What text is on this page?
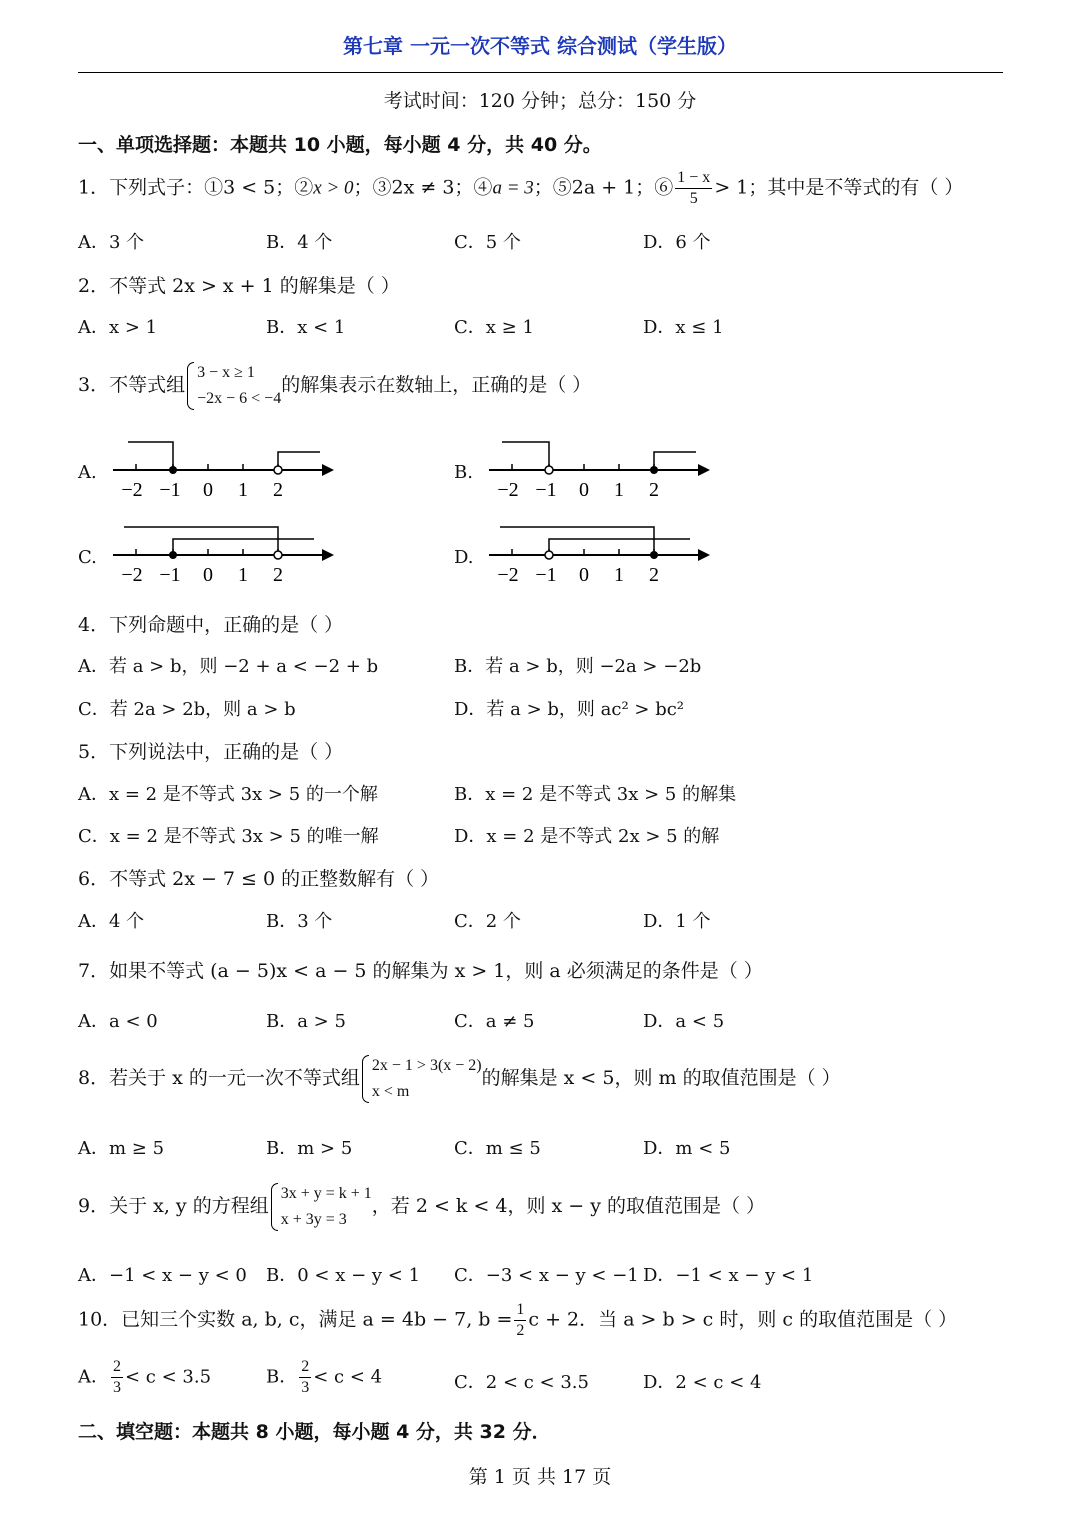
第七章 一元一次不等式 综合测试（学生版）
考试时间：120 分钟；总分：150 分
一、单项选择题：本题共 10 小题，每小题 4 分，共 40 分。
1．下列式子：①3 < 5；②x > 0；③2x ≠ 3；④a = 3；⑤2a + 1；⑥ $\frac{1 - x}{5} > 1$；其中是不等式的有（ ）
A．3 个	B．4 个	C．5 个	D．6 个
2．不等式 2x > x + 1 的解集是（ ）
A．x > 1	B．x < 1	C．x ≥ 1	D．x ≤ 1
3．不等式组
3 − x ≥ 1
−2x − 6 < −4
的解集表示在数轴上，正确的是（ ）
A.
−2 −1 0 1 2
B.
−2 −1 0 1 2
C.
−2 −1 0 1 2
D.
−2 −1 0 1 2
4．下列命题中，正确的是（ ）
A．若 a > b，则 −2 + a < −2 + b	B．若 a > b，则 −2a > −2b
C．若 2a > 2b，则 a > b	D．若 a > b，则 ac² > bc²
5．下列说法中，正确的是（ ）
A．x = 2 是不等式 3x > 5 的一个解	B．x = 2 是不等式 3x > 5 的解集
C．x = 2 是不等式 3x > 5 的唯一解	D．x = 2 是不等式 2x > 5 的解
6．不等式 2x − 7 ≤ 0 的正整数解有（ ）
A．4 个	B．3 个	C．2 个	D．1 个
7．如果不等式 (a − 5)x < a − 5 的解集为 x > 1，则 a 必须满足的条件是（ ）
A．a < 0	B．a > 5	C．a ≠ 5	D．a < 5
8．若关于 x 的一元一次不等式组
2x − 1 > 3(x − 2)
x < m
的解集是 x < 5，则 m 的取值范围是（ ）
A．m ≥ 5	B．m > 5	C．m ≤ 5	D．m < 5
9．关于 x, y 的方程组
3x + y = k + 1
x + 3y = 3
，若 2 < k < 4，则 x − y 的取值范围是（ ）
A．−1 < x − y < 0 B．0 < x − y < 1 C．−3 < x − y < −1 D．−1 < x − y < 1
10．已知三个实数 a, b, c，满足 a = 4b − 7, $b = \frac{1}{2}$ c + 2．当 a > b > c 时，则 c 的取值范围是（ ）
A． $\frac{2}{3} < c < 3.5$	B． $\frac{2}{3} < c < 4$	C．2 < c < 3.5	D．2 < c < 4
二、填空题：本题共 8 小题，每小题 4 分，共 32 分．
第 1 页 共 17 页
